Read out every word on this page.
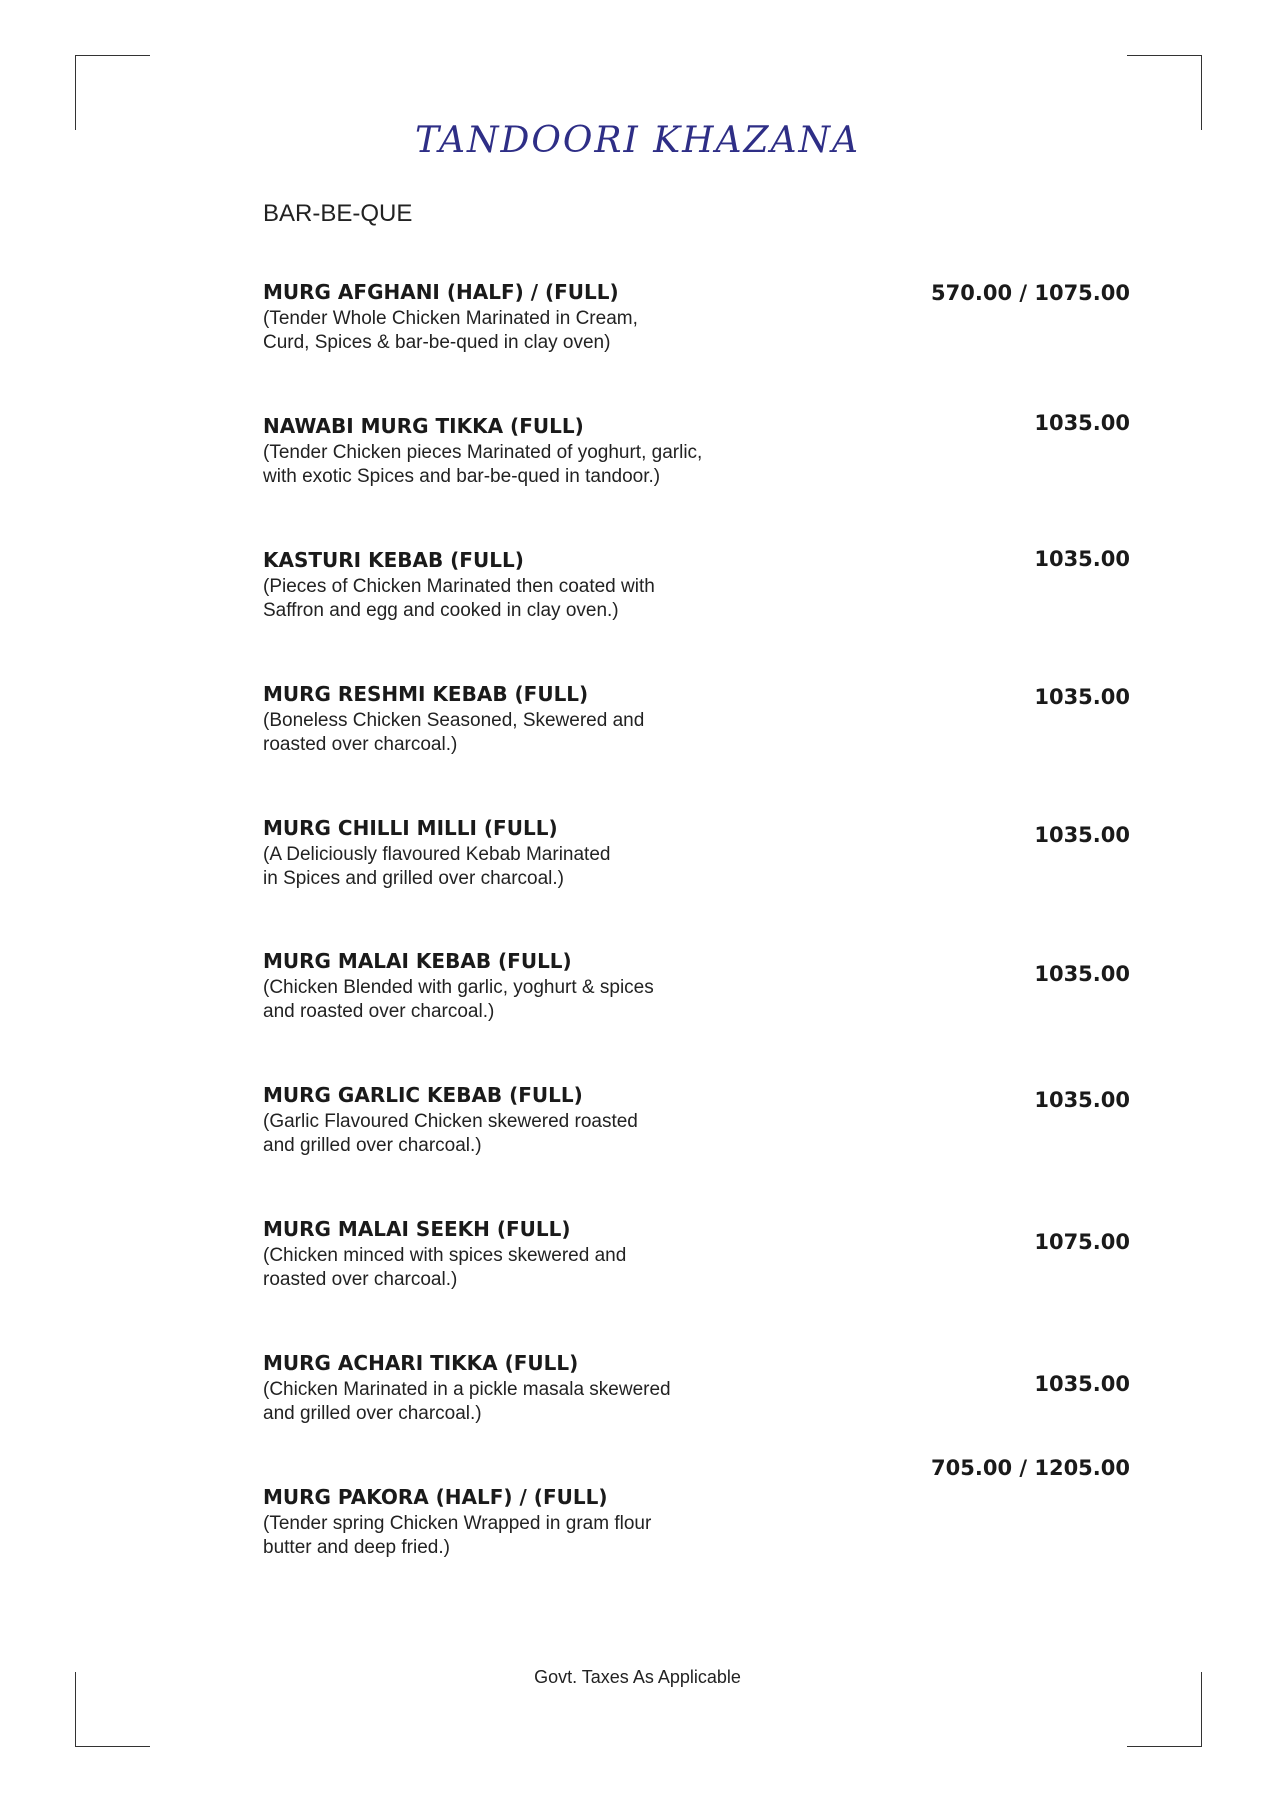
TANDOORI KHAZANA
BAR-BE-QUE
MURG AFGHANI (HALF) / (FULL)
(Tender Whole Chicken Marinated in Cream,
Curd, Spices & bar-be-qued in clay oven)
570.00 / 1075.00
NAWABI MURG TIKKA (FULL)
(Tender Chicken pieces Marinated of yoghurt, garlic,
with exotic Spices and bar-be-qued in tandoor.)
1035.00
KASTURI KEBAB (FULL)
(Pieces of Chicken Marinated then coated with
Saffron and egg and cooked in clay oven.)
1035.00
MURG RESHMI KEBAB (FULL)
(Boneless Chicken Seasoned, Skewered and
roasted over charcoal.)
1035.00
MURG CHILLI MILLI (FULL)
(A Deliciously flavoured Kebab Marinated
in Spices and grilled over charcoal.)
1035.00
MURG MALAI KEBAB (FULL)
(Chicken Blended with garlic, yoghurt & spices
and roasted over charcoal.)
1035.00
MURG GARLIC KEBAB (FULL)
(Garlic Flavoured Chicken skewered roasted
and grilled over charcoal.)
1035.00
MURG MALAI SEEKH (FULL)
(Chicken minced with spices skewered and
roasted over charcoal.)
1075.00
MURG ACHARI TIKKA (FULL)
(Chicken Marinated in a pickle masala skewered
and grilled over charcoal.)
1035.00
MURG PAKORA (HALF) / (FULL)
(Tender spring Chicken Wrapped in gram flour
butter and deep fried.)
705.00 / 1205.00
Govt. Taxes As Applicable
